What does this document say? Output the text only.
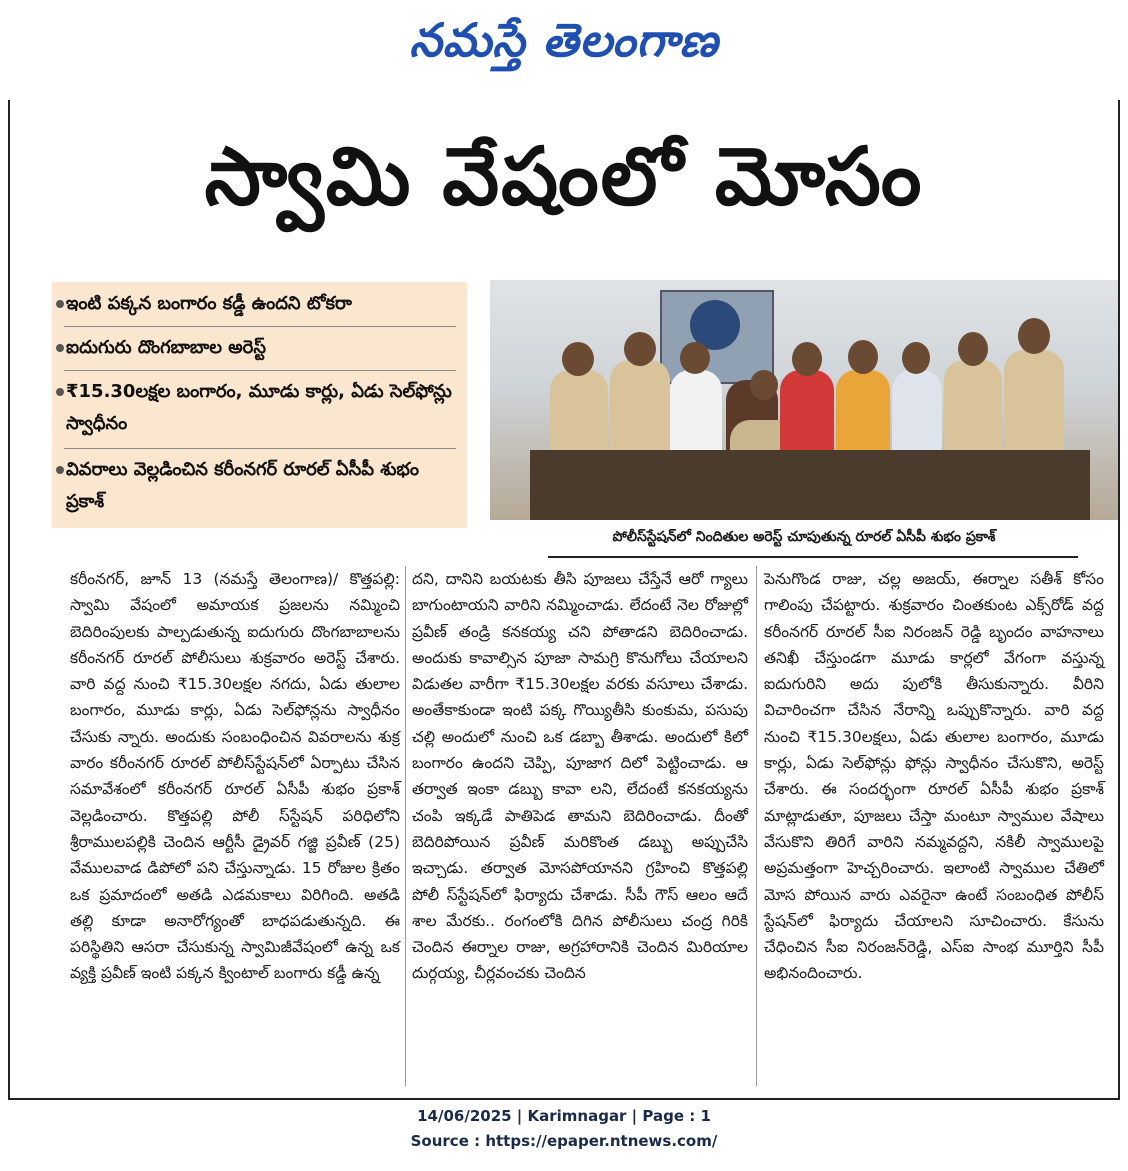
నమస్తే తెలంగాణ
స్వామి వేషంలో మోసం
ఇంటి పక్కన బంగారం కడ్డీ ఉందని టోకరా
ఐదుగురు దొంగబాబాల అరెస్ట్
₹15.30లక్షల బంగారం, మూడు కార్లు, ఏడు సెల్‌ఫోన్లు స్వాధీనం
వివరాలు వెల్లడించిన కరీంనగర్ రూరల్ ఏసీపీ శుభం ప్రకాశ్
పోలీస్‌స్టేషన్‌లో నిందితుల అరెస్ట్ చూపుతున్న రూరల్ ఏసీపీ శుభం ప్రకాశ్
కరీంనగర్, జూన్ 13 (నమస్తే తెలంగాణ)/ కొత్తపల్లి: స్వామి వేషంలో అమాయక ప్రజలను నమ్మించి బెదిరింపులకు పాల్పడుతున్న ఐదుగురు దొంగబాబాలను కరీంనగర్ రూరల్ పోలీసులు శుక్రవారం అరెస్ట్ చేశారు. వారి వద్ద నుంచి ₹15.30లక్షల నగదు, ఏడు తులాల బంగారం, మూడు కార్లు, ఏడు సెల్‌ఫోన్లను స్వాధీనం చేసుకు న్నారు. అందుకు సంబంధించిన వివరాలను శుక్ర వారం కరీంనగర్ రూరల్ పోలీస్‌స్టేషన్‌లో ఏర్పాటు చేసిన సమావేశంలో కరీంనగర్ రూరల్ ఏసీపీ శుభం ప్రకాశ్ వెల్లడించారు. కొత్తపల్లి పోలీ స్‌స్టేషన్ పరిధిలోని శ్రీరాములపల్లికి చెందిన ఆర్టీసీ డ్రైవర్ గజ్జి ప్రవీణ్ (25) వేములవాడ డిపోలో పని చేస్తున్నాడు. 15 రోజుల క్రితం ఒక ప్రమాదంలో అతడి ఎడమకాలు విరిగింది. అతడి తల్లి కూడా అనారోగ్యంతో బాధపడుతున్నది. ఈ పరిస్థితిని ఆసరా చేసుకున్న స్వామిజీవేషంలో ఉన్న ఒక వ్యక్తి ప్రవీణ్ ఇంటి పక్కన క్వింటాల్ బంగారు కడ్డీ ఉన్న
దని, దానిని బయటకు తీసి పూజలు చేస్తేనే ఆరో గ్యాలు బాగుంటాయని వారిని నమ్మించాడు. లేదంటే నెల రోజుల్లో ప్రవీణ్ తండ్రి కనకయ్య చని పోతాడని బెదిరించాడు. అందుకు కావాల్సిన పూజా సామగ్రి కొనుగోలు చేయాలని విడుతల వారీగా ₹15.30లక్షల వరకు వసూలు చేశాడు. అంతేకాకుండా ఇంటి పక్క గొయ్యితీసి కుంకుమ, పసుపు చల్లి అందులో నుంచి ఒక డబ్బా తీశాడు. అందులో కిలో బంగారం ఉందని చెప్పి, పూజాగ దిలో పెట్టించాడు. ఆ తర్వాత ఇంకా డబ్బు కావా లని, లేదంటే కనకయ్యను చంపి ఇక్కడే పాతిపెడ తామని బెదిరించాడు. దీంతో బెదిరిపోయిన ప్రవీణ్ మరికొంత డబ్బు అప్పుచేసి ఇచ్చాడు. తర్వాత మోసపోయానని గ్రహించి కొత్తపల్లి పోలీ స్‌స్టేషన్‌లో ఫిర్యాదు చేశాడు. సీపీ గౌస్ ఆలం ఆదే శాల మేరకు.. రంగంలోకి దిగిన పోలీసులు చంద్ర గిరికి చెందిన ఈర్నాల రాజు, అగ్రహారానికి చెందిన మిరియాల దుర్గయ్య, చీర్లవంచకు చెందిన
పెనుగొండ రాజు, చల్ల అజయ్, ఈర్నాల సతీశ్ కోసం గాలింపు చేపట్టారు. శుక్రవారం చింతకుంట ఎక్స్‌రోడ్ వద్ద కరీంనగర్ రూరల్ సీఐ నిరంజన్ రెడ్డి బృందం వాహనాలు తనిఖీ చేస్తుండగా మూడు కార్లలో వేగంగా వస్తున్న ఐదుగురిని అదు పులోకి తీసుకున్నారు. వీరిని విచారించగా చేసిన నేరాన్ని ఒప్పుకొన్నారు. వారి వద్ద నుంచి ₹15.30లక్షలు, ఏడు తులాల బంగారం, మూడు కార్లు, ఏడు సెల్‌ఫోన్లు ఫోన్లు స్వాధీనం చేసుకొని, అరెస్ట్ చేశారు. ఈ సందర్భంగా రూరల్ ఏసీపీ శుభం ప్రకాశ్ మాట్లాడుతూ, పూజలు చేస్తా మంటూ స్వాముల వేషాలు వేసుకొని తిరిగే వారిని నమ్మవద్దని, నకిలీ స్వాములపై అప్రమత్తంగా హెచ్చరించారు. ఇలాంటి స్వాముల చేతిలో మోస పోయిన వారు ఎవరైనా ఉంటే సంబంధిత పోలీస్ స్టేషన్‌లో ఫిర్యాదు చేయాలని సూచించారు. కేసును చేధించిన సీఐ నిరంజన్‌రెడ్డి, ఎస్ఐ సాంభ మూర్తిని సీపీ అభినందించారు.
14/06/2025 | Karimnagar | Page : 1
Source : https://epaper.ntnews.com/
